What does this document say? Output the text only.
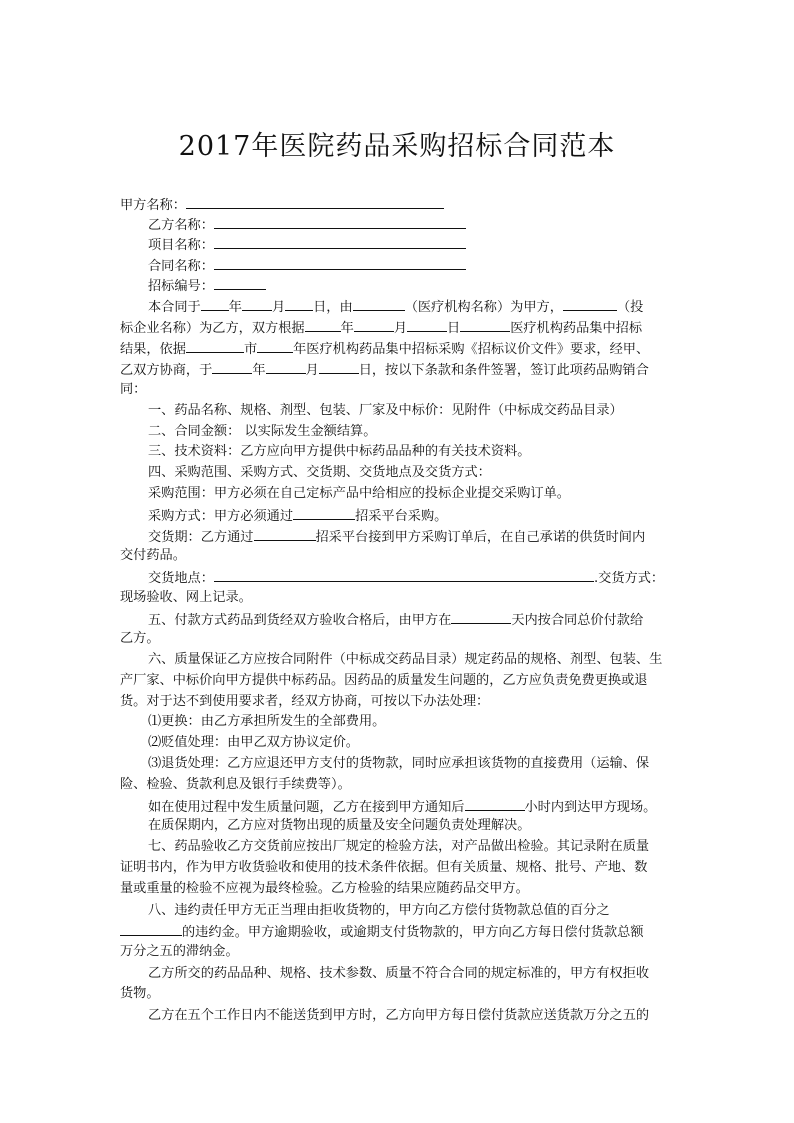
2017年医院药品采购招标合同范本
甲方名称：
乙方名称：
项目名称：
合同名称：
招标编号：
本合同于 年 月 日，由	（医疗机构名称）为甲方，	（投
标企业名称）为乙方，双方根据	年	月	日	医疗机构药品集中招标
结果，依据	市	年医疗机构药品集中招标采购《招标议价文件》要求，经甲、
乙双方协商，于	年	月	日，按以下条款和条件签署，签订此项药品购销合
同：
一、药品名称、规格、剂型、包装、厂家及中标价：见附件（中标成交药品目录）
二、合同金额： 以实际发生金额结算。
三、技术资料：乙方应向甲方提供中标药品品种的有关技术资料。
四、采购范围、采购方式、交货期、交货地点及交货方式：
采购范围：甲方必须在自己定标产品中给相应的投标企业提交采购订单。
采购方式：甲方必须通过	招采平台采购。
交货期：乙方通过	招采平台接到甲方采购订单后，在自己承诺的供货时间内
交付药品。
交货地点：	.交货方式：
现场验收、网上记录。
五、付款方式药品到货经双方验收合格后，由甲方在	天内按合同总价付款给
乙方。
六、质量保证乙方应按合同附件（中标成交药品目录）规定药品的规格、剂型、包装、生
产厂家、中标价向甲方提供中标药品。因药品的质量发生问题的，乙方应负责免费更换或退
货。对于达不到使用要求者，经双方协商，可按以下办法处理：
⑴更换：由乙方承担所发生的全部费用。
⑵贬值处理：由甲乙双方协议定价。
⑶退货处理：乙方应退还甲方支付的货物款，同时应承担该货物的直接费用（运输、保
险、检验、货款利息及银行手续费等）。
如在使用过程中发生质量问题，乙方在接到甲方通知后	小时内到达甲方现场。
在质保期内，乙方应对货物出现的质量及安全问题负责处理解决。
七、药品验收乙方交货前应按出厂规定的检验方法，对产品做出检验。其记录附在质量
证明书内，作为甲方收货验收和使用的技术条件依据。但有关质量、规格、批号、产地、数
量或重量的检验不应视为最终检验。乙方检验的结果应随药品交甲方。
八、违约责任甲方无正当理由拒收货物的，甲方向乙方偿付货物款总值的百分之
的违约金。甲方逾期验收，或逾期支付货物款的，甲方向乙方每日偿付货款总额
万分之五的滞纳金。
乙方所交的药品品种、规格、技术参数、质量不符合合同的规定标准的，甲方有权拒收
货物。
乙方在五个工作日内不能送货到甲方时，乙方向甲方每日偿付货款应送货款万分之五的
